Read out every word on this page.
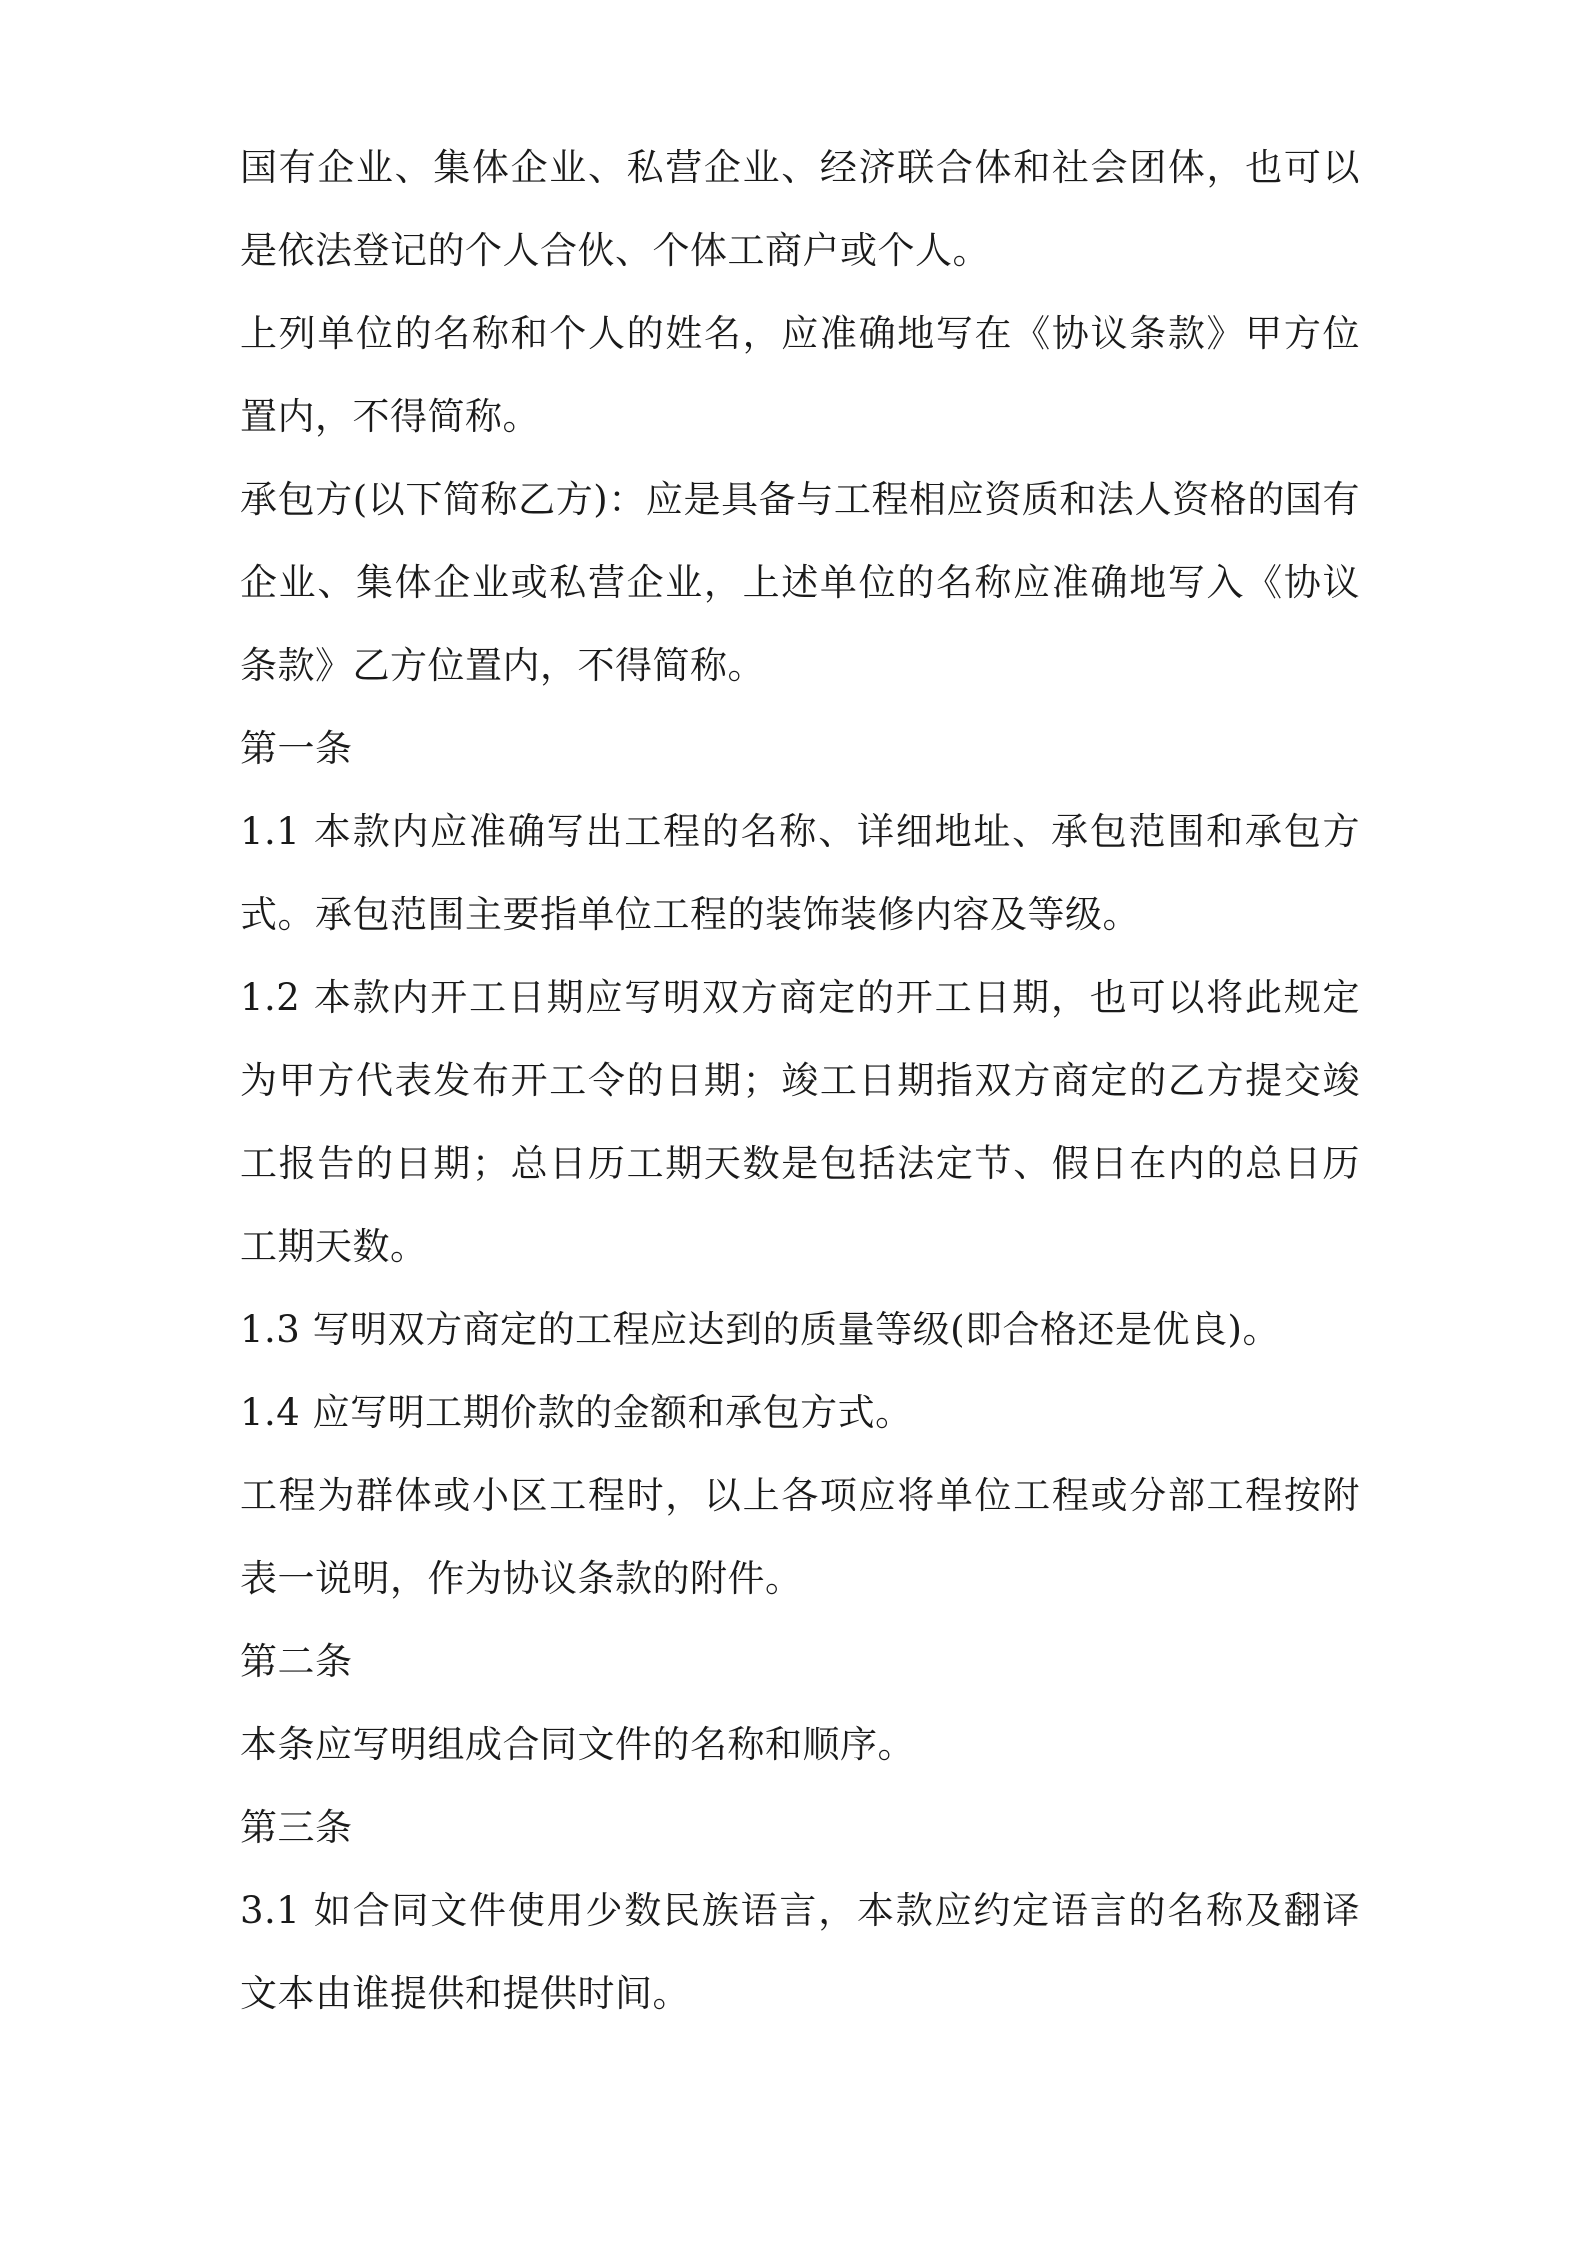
国有企业、集体企业、私营企业、经济联合体和社会团体，也可以是依法登记的个人合伙、个体工商户或个人。

上列单位的名称和个人的姓名，应准确地写在《协议条款》甲方位置内，不得简称。

承包方(以下简称乙方)：应是具备与工程相应资质和法人资格的国有企业、集体企业或私营企业，上述单位的名称应准确地写入《协议条款》乙方位置内，不得简称。

第一条

1.1 本款内应准确写出工程的名称、详细地址、承包范围和承包方式。承包范围主要指单位工程的装饰装修内容及等级。

1.2 本款内开工日期应写明双方商定的开工日期，也可以将此规定为甲方代表发布开工令的日期；竣工日期指双方商定的乙方提交竣工报告的日期；总日历工期天数是包括法定节、假日在内的总日历工期天数。

1.3 写明双方商定的工程应达到的质量等级(即合格还是优良)。

1.4 应写明工期价款的金额和承包方式。

工程为群体或小区工程时，以上各项应将单位工程或分部工程按附表一说明，作为协议条款的附件。

第二条

本条应写明组成合同文件的名称和顺序。

第三条

3.1 如合同文件使用少数民族语言，本款应约定语言的名称及翻译文本由谁提供和提供时间。
